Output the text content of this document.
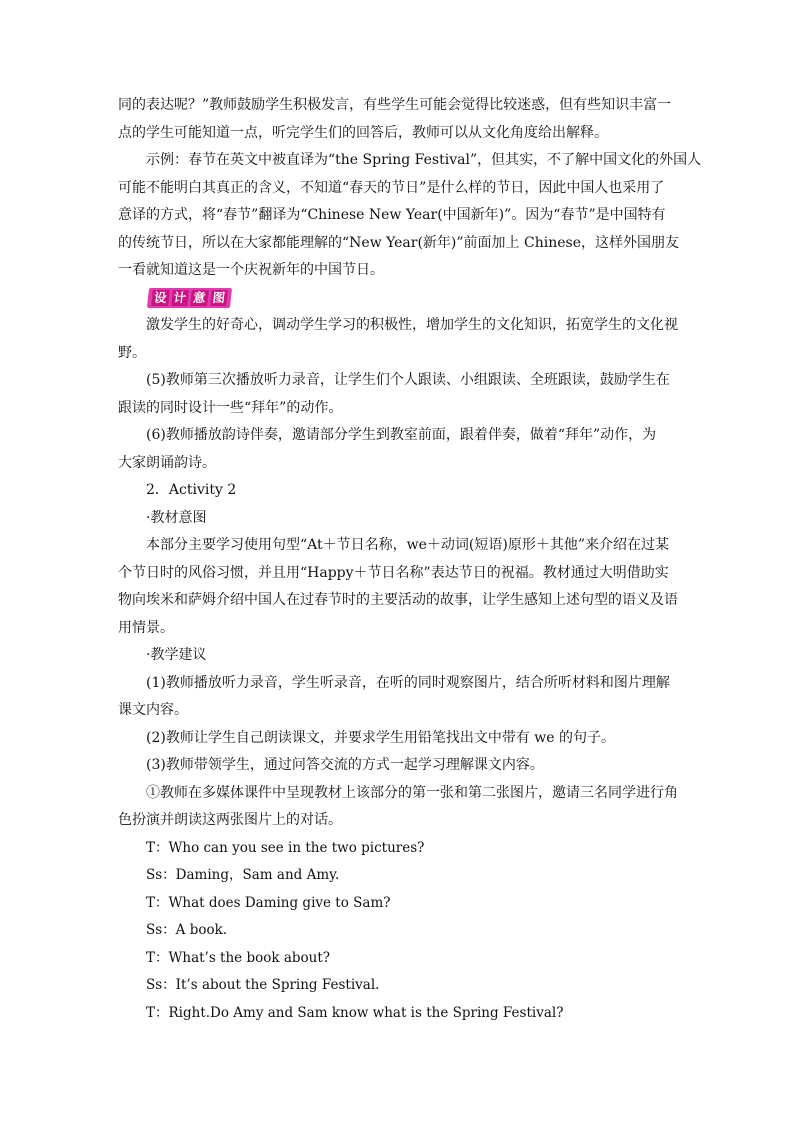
同的表达呢？”教师鼓励学生积极发言，有些学生可能会觉得比较迷惑，但有些知识丰富一
点的学生可能知道一点，听完学生们的回答后，教师可以从文化角度给出解释。
示例：春节在英文中被直译为“the Spring Festival”，但其实，不了解中国文化的外国人
可能不能明白其真正的含义，不知道“春天的节日”是什么样的节日，因此中国人也采用了
意译的方式，将“春节”翻译为“Chinese New Year(中国新年)”。因为“春节”是中国特有
的传统节日，所以在大家都能理解的“New Year(新年)”前面加上 Chinese，这样外国朋友
一看就知道这是一个庆祝新年的中国节日。
设 计 意 图
激发学生的好奇心，调动学生学习的积极性，增加学生的文化知识，拓宽学生的文化视
野。
(5)教师第三次播放听力录音，让学生们个人跟读、小组跟读、全班跟读，鼓励学生在
跟读的同时设计一些“拜年”的动作。
(6)教师播放韵诗伴奏，邀请部分学生到教室前面，跟着伴奏，做着“拜年”动作，为
大家朗诵韵诗。
2．Activity 2
·教材意图
本部分主要学习使用句型“At＋节日名称，we＋动词(短语)原形＋其他”来介绍在过某
个节日时的风俗习惯，并且用“Happy＋节日名称”表达节日的祝福。教材通过大明借助实
物向埃米和萨姆介绍中国人在过春节时的主要活动的故事，让学生感知上述句型的语义及语
用情景。
·教学建议
(1)教师播放听力录音，学生听录音，在听的同时观察图片，结合所听材料和图片理解
课文内容。
(2)教师让学生自己朗读课文，并要求学生用铅笔找出文中带有 we 的句子。
(3)教师带领学生，通过问答交流的方式一起学习理解课文内容。
①教师在多媒体课件中呈现教材上该部分的第一张和第二张图片，邀请三名同学进行角
色扮演并朗读这两张图片上的对话。
T：Who can you see in the two pictures?
Ss：Daming，Sam and Amy.
T：What does Daming give to Sam?
Ss：A book.
T：What’s the book about?
Ss：It’s about the Spring Festival.
T：Right.Do Amy and Sam know what is the Spring Festival?
